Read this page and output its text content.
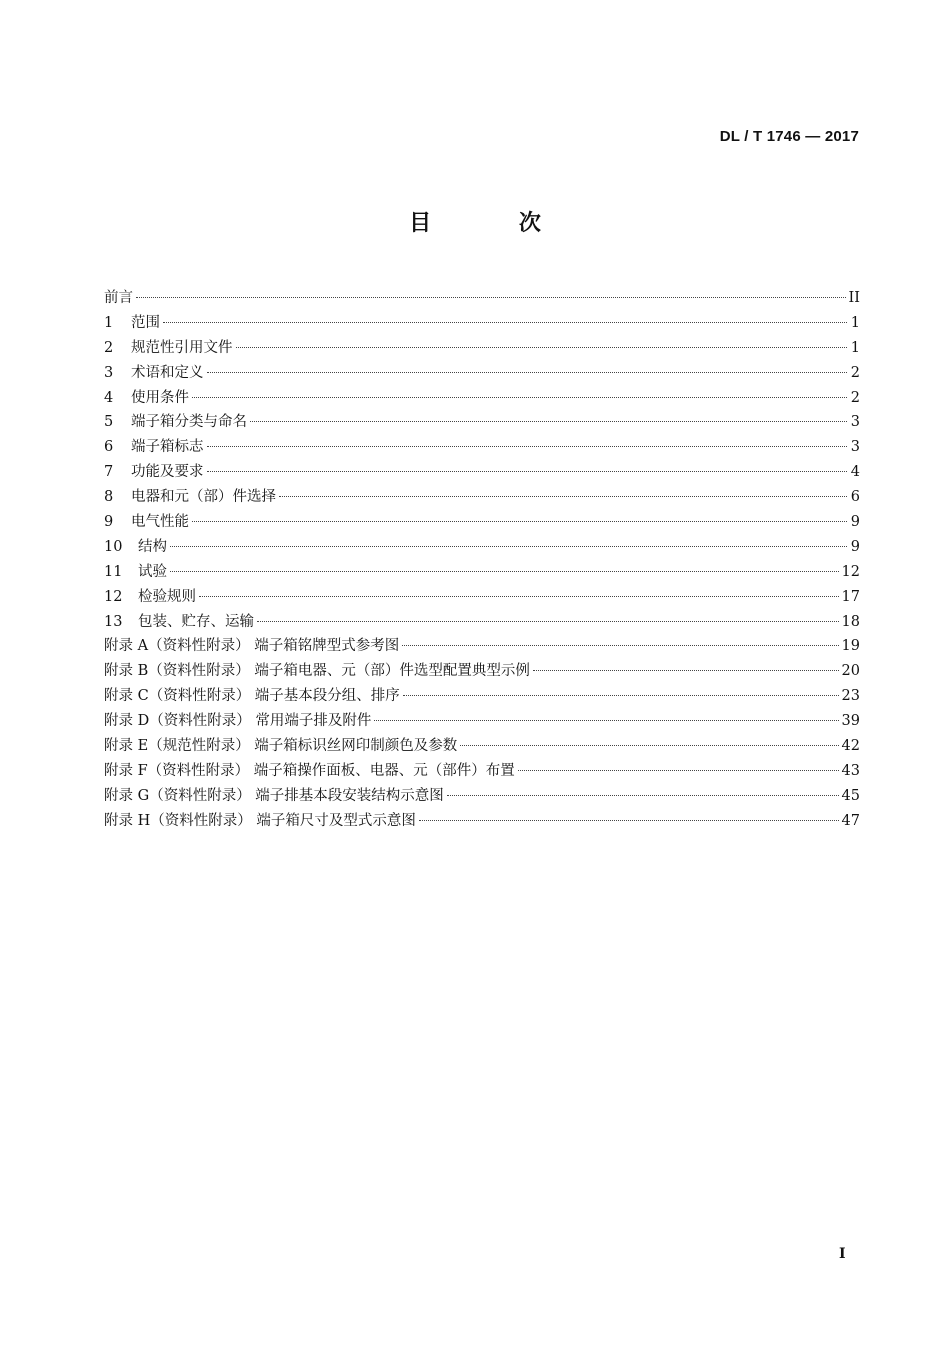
DL / T 1746 — 2017
目 次
前言	II
1	范围	1
2	规范性引用文件	1
3	术语和定义	2
4	使用条件	2
5	端子箱分类与命名	3
6	端子箱标志	3
7	功能及要求	4
8	电器和元（部）件选择	6
9	电气性能	9
10	结构	9
11	试验	12
12	检验规则	17
13	包装、贮存、运输	18
附录 A（资料性附录） 端子箱铭牌型式参考图	19
附录 B（资料性附录） 端子箱电器、元（部）件选型配置典型示例	20
附录 C（资料性附录） 端子基本段分组、排序	23
附录 D（资料性附录） 常用端子排及附件	39
附录 E（规范性附录） 端子箱标识丝网印制颜色及参数	42
附录 F（资料性附录） 端子箱操作面板、电器、元（部件）布置	43
附录 G（资料性附录） 端子排基本段安装结构示意图	45
附录 H（资料性附录） 端子箱尺寸及型式示意图	47
I
